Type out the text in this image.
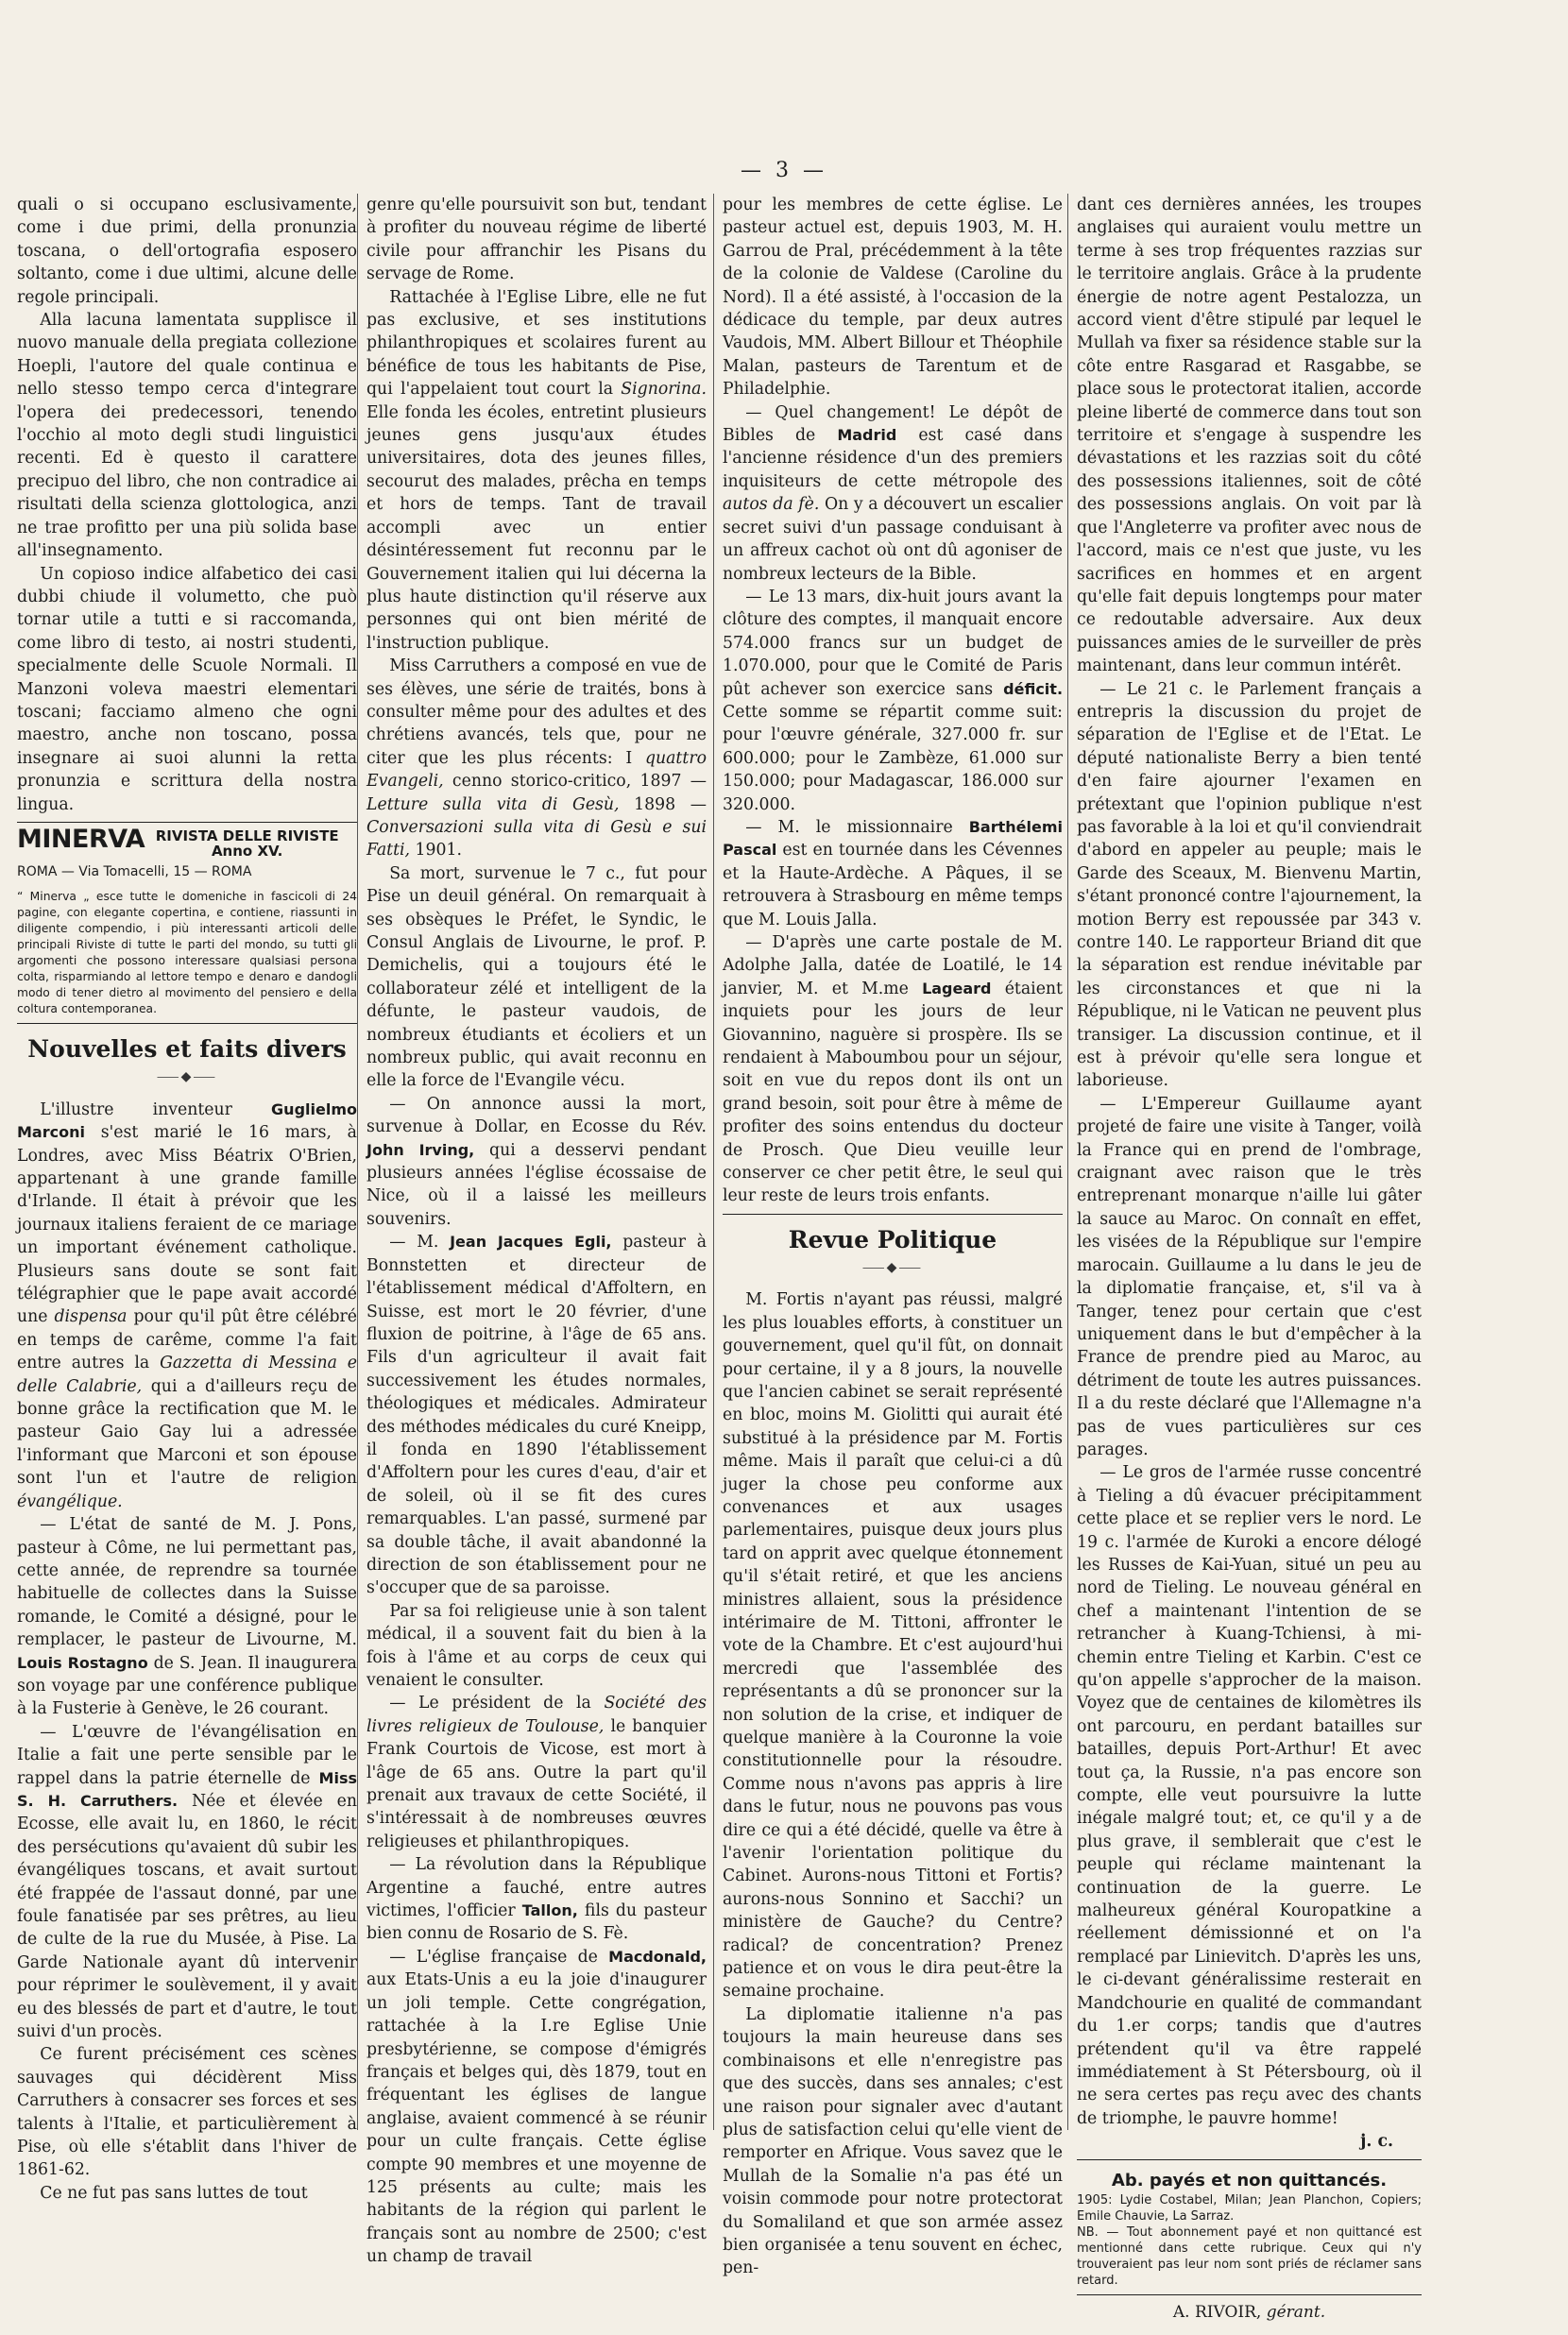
— 3 —

quali o si occupano esclusivamente, come i due primi, della pronunzia toscana, o dell'ortografia esposero soltanto, come i due ultimi, alcune delle regole principali.

Alla lacuna lamentata supplisce il nuovo manuale della pregiata collezione Hoepli, l'autore del quale continua e nello stesso tempo cerca d'integrare l'opera dei predecessori, tenendo l'occhio al moto degli studi linguistici recenti. Ed è questo il carattere precipuo del libro, che non contradice ai risultati della scienza glottologica, anzi ne trae profitto per una più solida base all'insegnamento.

Un copioso indice alfabetico dei casi dubbi chiude il volumetto, che può tornar utile a tutti e si raccomanda, come libro di testo, ai nostri studenti, specialmente delle Scuole Normali. Il Manzoni voleva maestri elementari toscani; facciamo almeno che ogni maestro, anche non toscano, possa insegnare ai suoi alunni la retta pronunzia e scrittura della nostra lingua.

MINERVA RIVISTA DELLE RIVISTE
Anno XV.
ROMA — Via Tomacelli, 15 — ROMA
“ Minerva „ esce tutte le domeniche in fascicoli di 24 pagine, con elegante copertina, e contiene, riassunti in diligente compendio, i più interessanti articoli delle principali Riviste di tutte le parti del mondo, su tutti gli argomenti che possono interessare qualsiasi persona colta, risparmiando al lettore tempo e denaro e dandogli modo di tener dietro al movimento del pensiero e della coltura contemporanea.
Nouvelles et faits divers
⸺◆⸺

L'illustre inventeur	Guglielmo Marconi s'est marié le 16 mars, à Londres, avec Miss Béatrix O'Brien, appartenant à une grande famille d'Irlande. Il était à prévoir que les journaux italiens feraient de ce mariage un important événement catholique. Plusieurs sans doute se sont fait télégraphier que le pape avait accordé une dispensa pour qu'il pût être célébré en temps de carême, comme l'a fait entre autres la Gazzetta di Messina e delle Calabrie, qui a d'ailleurs reçu de bonne grâce la rectification que M. le pasteur Gaio Gay lui a adressée l'informant que Marconi et son épouse sont l'un et l'autre de religion évangélique.

— L'état de santé de M. J. Pons, pasteur à Côme, ne lui permettant pas, cette année, de reprendre sa tournée habituelle de collectes dans la Suisse romande, le Comité a désigné, pour le remplacer, le pasteur de Livourne, M. Louis Rostagno de S. Jean. Il inaugurera son voyage par une conférence publique à la Fusterie à Genève, le 26 courant.

— L'œuvre de l'évangélisation en Italie a fait une perte sensible par le rappel dans la patrie éternelle de Miss S. H. Carruthers. Née et élevée en Ecosse, elle avait lu, en 1860, le récit des persécutions qu'avaient dû subir les évangéliques toscans, et avait surtout été frappée de l'assaut donné, par une foule fanatisée par ses prêtres, au lieu de culte de la rue du Musée, à Pise. La Garde Nationale ayant dû intervenir pour réprimer le soulèvement, il y avait eu des blessés de part et d'autre, le tout suivi d'un procès.

Ce furent précisément ces scènes sauvages qui décidèrent Miss Carruthers à consacrer ses forces et ses talents à l'Italie, et particulièrement à Pise, où elle s'établit dans l'hiver de 1861-62.

Ce ne fut pas sans luttes de tout

genre qu'elle poursuivit son but, tendant à profiter du nouveau régime de liberté civile pour affranchir les Pisans du servage de Rome.

Rattachée à l'Eglise Libre, elle ne fut pas exclusive, et ses institutions philanthropiques et scolaires furent au bénéfice de tous les habitants de Pise, qui l'appelaient tout court la Signorina. Elle fonda les écoles, entretint plusieurs jeunes gens jusqu'aux études universitaires, dota des jeunes filles, secourut des malades, prêcha en temps et hors de temps. Tant de travail accompli avec un entier désintéressement fut reconnu par le Gouvernement italien qui lui décerna la plus haute distinction qu'il réserve aux personnes qui ont bien mérité de l'instruction publique.

Miss Carruthers a composé en vue de ses élèves, une série de traités, bons à consulter même pour des adultes et des chrétiens avancés, tels que, pour ne citer que les plus récents: I quattro Evangeli, cenno storico-critico, 1897 — Letture sulla vita di Gesù, 1898 — Conversazioni sulla vita di Gesù e sui Fatti, 1901.

Sa mort, survenue le 7 c., fut pour Pise un deuil général. On remarquait à ses obsèques le Préfet, le Syndic, le Consul Anglais de Livourne, le prof. P. Demichelis, qui a toujours été le collaborateur zélé et intelligent de la défunte, le pasteur vaudois, de nombreux étudiants et écoliers et un nombreux public, qui avait reconnu en elle la force de l'Evangile vécu.

— On annonce aussi la mort, survenue à Dollar, en Ecosse du Rév. John Irving, qui a desservi pendant plusieurs années l'église écossaise de Nice, où il a laissé les meilleurs souvenirs.

— M. Jean Jacques Egli, pasteur à Bonnstetten et directeur de l'établissement médical d'Affoltern, en Suisse, est mort le 20 février, d'une fluxion de poitrine, à l'âge de 65 ans. Fils d'un agriculteur il avait fait successivement les études normales, théologiques et médicales. Admirateur des méthodes médicales du curé Kneipp, il fonda en 1890 l'établissement d'Affoltern pour les cures d'eau, d'air et de soleil, où il se fit des cures remarquables. L'an passé, surmené par sa double tâche, il avait abandonné la direction de son établissement pour ne s'occuper que de sa paroisse.

Par sa foi religieuse unie à son talent médical, il a souvent fait du bien à la fois à l'âme et au corps de ceux qui venaient le consulter.

— Le président de la Société des livres religieux de Toulouse, le banquier Frank Courtois de Vicose, est mort à l'âge de 65 ans. Outre la part qu'il prenait aux travaux de cette Société, il s'intéressait à de nombreuses œuvres religieuses et philanthropiques.

— La révolution dans la République Argentine a fauché, entre autres victimes, l'officier Tallon, fils du pasteur bien connu de Rosario de S. Fè.

— L'église française de Macdonald, aux Etats-Unis a eu la joie d'inaugurer un joli temple. Cette congrégation, rattachée à la I.re Eglise Unie presbytérienne, se compose d'émigrés français et belges qui, dès 1879, tout en fréquentant les églises de langue anglaise, avaient commencé à se réunir pour un culte français. Cette église compte 90 membres et une moyenne de 125 présents au culte; mais les habitants de la région qui parlent le français sont au nombre de 2500; c'est un champ de travail

pour les membres de cette église. Le pasteur actuel est, depuis 1903, M. H. Garrou de Pral, précédemment à la tête de la colonie de Valdese (Caroline du Nord). Il a été assisté, à l'occasion de la dédicace du temple, par deux autres Vaudois, MM. Albert Billour et Théophile Malan, pasteurs de Tarentum et de Philadelphie.

— Quel changement! Le dépôt de Bibles de Madrid est casé dans l'ancienne résidence d'un des premiers inquisiteurs de cette métropole des autos da fè. On y a découvert un escalier secret suivi d'un passage conduisant à un affreux cachot où ont dû agoniser de nombreux lecteurs de la Bible.

— Le 13 mars, dix-huit jours avant la clôture des comptes, il manquait encore 574.000 francs sur un budget de 1.070.000, pour que le Comité de Paris pût achever son exercice sans déficit. Cette somme se répartit comme suit: pour l'œuvre générale, 327.000 fr. sur 600.000; pour le Zambèze, 61.000 sur 150.000; pour Madagascar, 186.000 sur 320.000.

— M. le missionnaire Barthélemi Pascal est en tournée dans les Cévennes et la Haute-Ardèche. A Pâques, il se retrouvera à Strasbourg en même temps que M. Louis Jalla.

— D'après une carte postale de M. Adolphe Jalla, datée de Loatilé, le 14 janvier, M. et M.me Lageard étaient inquiets pour les jours de leur Giovannino, naguère si prospère. Ils se rendaient à Maboumbou pour un séjour, soit en vue du repos dont ils ont un grand besoin, soit pour être à même de profiter des soins entendus du docteur de Prosch. Que Dieu veuille leur conserver ce cher petit être, le seul qui leur reste de leurs trois enfants.

Revue Politique
⸺◆⸺

M. Fortis n'ayant pas réussi, malgré les plus louables efforts, à constituer un gouvernement, quel qu'il fût, on donnait pour certaine, il y a 8 jours, la nouvelle que l'ancien cabinet se serait représenté en bloc, moins M. Giolitti qui aurait été substitué à la présidence par M. Fortis même. Mais il paraît que celui-ci a dû juger la chose peu conforme aux convenances et aux usages parlementaires, puisque deux jours plus tard on apprit avec quelque étonnement qu'il s'était retiré, et que les anciens ministres allaient, sous la présidence intérimaire de M. Tittoni, affronter le vote de la Chambre. Et c'est aujourd'hui mercredi que l'assemblée des représentants a dû se prononcer sur la non solution de la crise, et indiquer de quelque manière à la Couronne la voie constitutionnelle pour la résoudre. Comme nous n'avons pas appris à lire dans le futur, nous ne pouvons pas vous dire ce qui a été décidé, quelle va être à l'avenir l'orientation politique du Cabinet. Aurons-nous Tittoni et Fortis? aurons-nous Sonnino et Sacchi? un ministère de Gauche? du Centre? radical? de concentration? Prenez patience et on vous le dira peut-être la semaine prochaine.

La diplomatie italienne n'a pas toujours la main heureuse dans ses combinaisons et elle n'enregistre pas que des succès, dans ses annales; c'est une raison pour signaler avec d'autant plus de satisfaction celui qu'elle vient de remporter en Afrique. Vous savez que le Mullah de la Somalie n'a pas été un voisin commode pour notre protectorat du Somaliland et que son armée assez bien organisée a tenu souvent en échec, pen-

dant ces dernières années, les troupes anglaises qui auraient voulu mettre un terme à ses trop fréquentes razzias sur le territoire anglais. Grâce à la prudente énergie de notre agent Pestalozza, un accord vient d'être stipulé par lequel le Mullah va fixer sa résidence stable sur la côte entre Rasgarad et Rasgabbe, se place sous le protectorat italien, accorde pleine liberté de commerce dans tout son territoire et s'engage à suspendre les dévastations et les razzias soit du côté des possessions italiennes, soit de côté des possessions anglais. On voit par là que l'Angleterre va profiter avec nous de l'accord, mais ce n'est que juste, vu les sacrifices en hommes et en argent qu'elle fait depuis longtemps pour mater ce redoutable adversaire. Aux deux puissances amies de le surveiller de près maintenant, dans leur commun intérêt.

— Le 21 c. le Parlement français a entrepris la discussion du projet de séparation de l'Eglise et de l'Etat. Le député nationaliste Berry a bien tenté d'en faire ajourner l'examen en prétextant que l'opinion publique n'est pas favorable à la loi et qu'il conviendrait d'abord en appeler au peuple; mais le Garde des Sceaux, M. Bienvenu Martin, s'étant prononcé contre l'ajournement, la motion Berry est repoussée par 343 v. contre 140. Le rapporteur Briand dit que la séparation est rendue inévitable par les circonstances et que ni la République, ni le Vatican ne peuvent plus transiger. La discussion continue, et il est à prévoir qu'elle sera longue et laborieuse.

— L'Empereur Guillaume ayant projeté de faire une visite à Tanger, voilà la France qui en prend de l'ombrage, craignant avec raison que le très entreprenant monarque n'aille lui gâter la sauce au Maroc. On connaît en effet, les visées de la République sur l'empire marocain. Guillaume a lu dans le jeu de la diplomatie française, et, s'il va à Tanger, tenez pour certain que c'est uniquement dans le but d'empêcher à la France de prendre pied au Maroc, au détriment de toute les autres puissances. Il a du reste déclaré que l'Allemagne n'a pas de vues particulières sur ces parages.

— Le gros de l'armée russe concentré à Tieling a dû évacuer précipitamment cette place et se replier vers le nord. Le 19 c. l'armée de Kuroki a encore délogé les Russes de Kai-Yuan, situé un peu au nord de Tieling. Le nouveau général en chef a maintenant l'intention de se retrancher à Kuang-Tchiensi, à mi-chemin entre Tieling et Karbin. C'est ce qu'on appelle s'approcher de la maison. Voyez que de centaines de kilomètres ils ont parcouru, en perdant batailles sur batailles, depuis Port-Arthur! Et avec tout ça, la Russie, n'a pas encore son compte, elle veut poursuivre la lutte inégale malgré tout; et, ce qu'il y a de plus grave, il semblerait que c'est le peuple qui réclame maintenant la continuation de la guerre. Le malheureux général Kouropatkine a réellement démissionné et on l'a remplacé par Linievitch. D'après les uns, le ci-devant généralissime resterait en Mandchourie en qualité de commandant du 1.er corps; tandis que d'autres prétendent qu'il va être rappelé immédiatement à St Pétersbourg, où il ne sera certes pas reçu avec des chants de triomphe, le pauvre homme!

j. c.
Ab. payés et non quittancés.
1905: Lydie Costabel, Milan; Jean Planchon, Copiers; Emile Chauvie, La Sarraz.
NB. — Tout abonnement payé et non quittancé est mentionné dans cette rubrique. Ceux qui n'y trouveraient pas leur nom sont priés de réclamer sans retard.
A. RIVOIR, gérant.
